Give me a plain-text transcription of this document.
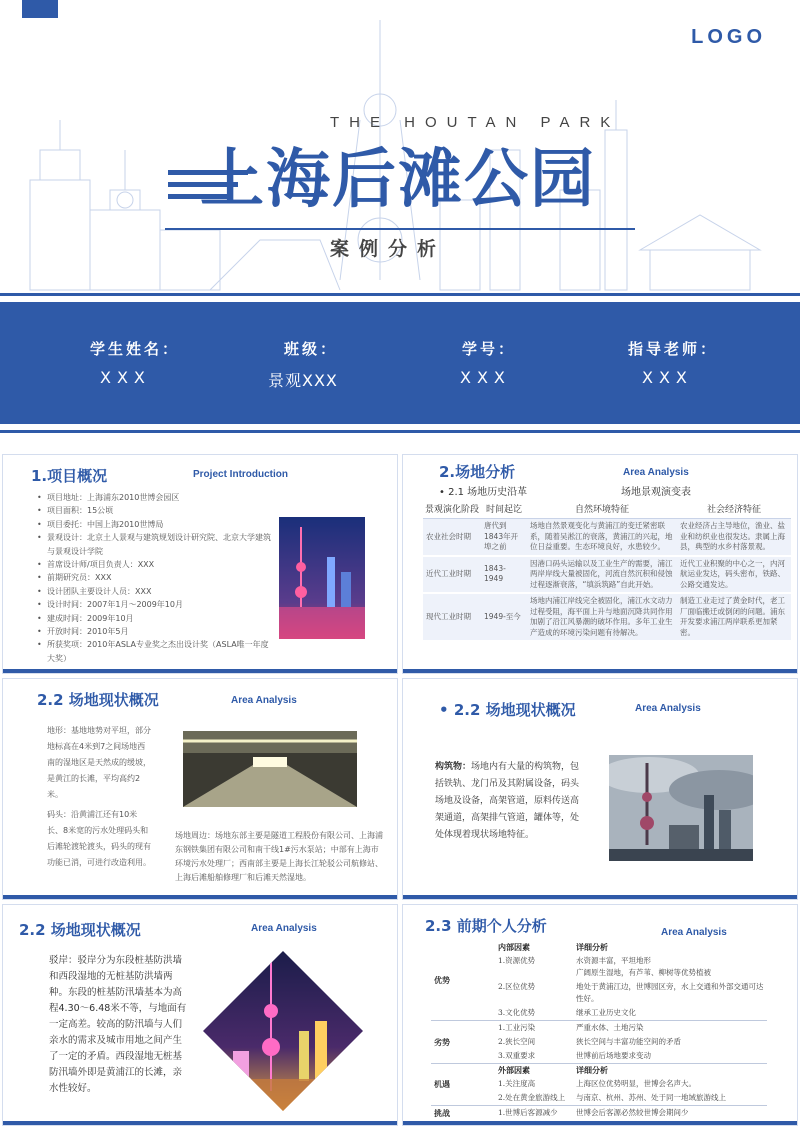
LOGO
THE HOUTAN PARK
上海后滩公园
案例分析
学生姓名：
XXX
班级：
景观XXX
学号：
XXX
指导老师：
XXX
1.项目概况	Project Introduction
• 项目地址：上海浦东2010世博会园区
• 项目面积：15公顷
• 项目委托：中国上海2010世博局
• 景观设计：北京土人景观与建筑规划设计研究院、北京大学建筑与景观设计学院
• 首席设计师/项目负责人：XXX
• 前期研究员：XXX
• 设计团队主要设计人员：XXX
• 设计时间：2007年1月～2009年10月
• 建成时间：2009年10月
• 开放时间：2010年5月
• 所获奖项：2010年ASLA专业奖之杰出设计奖（ASLA唯一年度大奖）
2.场地分析	Area Analysis
• 2.1 场地历史沿革	场地景观演变表
景观演化阶段	时间起讫	自然环境特征	社会经济特征
农业社会时期	唐代到1843年开埠之前	场地自然景观变化与黄浦江的变迁紧密联系，随着吴淞江的衰落，黄浦江的兴起，地位日益重要。生态环境良好，水患较少。	农业经济占主导地位，渔业、盐业和纺织业也很发达。隶属上海县，典型的水乡村落景观。
近代工业时期	1843-1949	因港口码头运输以及工业生产的需要，浦江两岸岸线大量被固化，河流自然沉积和侵蚀过程逐渐衰落，“填浜筑路”自此开始。	近代工业积聚的中心之一，内河航运业发达，码头密布，铁路、公路交通发达。
现代工业时期	1949-至今	场地内浦江岸线完全被固化，浦江水文动力过程受阻，海平面上升与地面沉降共同作用加剧了沿江风暴潮的破坏作用。多年工业生产造成的环境污染问题有待解决。	制造工业走过了黄金时代，老工厂面临搬迁或倒闭的问题。浦东开发要求浦江两岸联系更加紧密。
2.2 场地现状概况	Area Analysis
地形：基地地势对平坦，部分地标高在4米到7之间场地西南的湿地区是天然成的缓坡，是黄江的长滩，平均高约2米。
码头：沿黄浦江还有10米长、8米宽的污水处理码头和后滩轮渡轮渡头，码头的现有功能已消，可进行改造利用。
场地周边：场地东部主要是隧道工程股份有限公司、上海浦东钢铁集团有限公司和南干线1#污水泵站；中部有上海市环境污水处理厂；西南部主要是上海长江轮驳公司航修站、上海后滩船舶修理厂和后滩天然湿地。
• 2.2 场地现状概况	Area Analysis
构筑物：场地内有大量的构筑物，包括铁轨、龙门吊及其附属设备，码头场地及设备，高架管道，原料传送高架通道，高架排气管道，罐体等，处处体现着现状场地特征。
2.2 场地现状概况	Area Analysis
驳岸：驳岸分为东段桩基防洪墙和西段湿地的无桩基防洪墙两种。东段的桩基防汛墙基本为高程4.30～6.48米不等，与地面有一定高差。较高的防汛墙与人们亲水的需求及城市用地之间产生了一定的矛盾。西段湿地无桩基防汛墙外即是黄浦江的长滩，亲水性较好。
2.3 前期个人分析	Area Analysis
优势	内部因素	详细分析
	1.资源优势	水资源丰富，平坦地形
广阔原生湿地，有芦苇、柳树等优势植被
	2.区位优势	地处于黄浦江边，世博园区旁，水上交通和外部交通可达性好。
	3.文化优势	继承工业历史文化
劣势	1.工业污染	严重水体、土地污染
	2.狭长空间	狭长空间与丰富功能空间的矛盾
	3.双重要求	世博前后场地要求变动
机遇	外部因素	详细分析
	1.关注度高	上海区位优势明显，世博会名声大。
	2.处在黄金旅游线上	与南京、杭州、苏州、处于同一地域旅游线上
挑战	1.世博后客源减少	世博会后客源必然较世博会期间少
